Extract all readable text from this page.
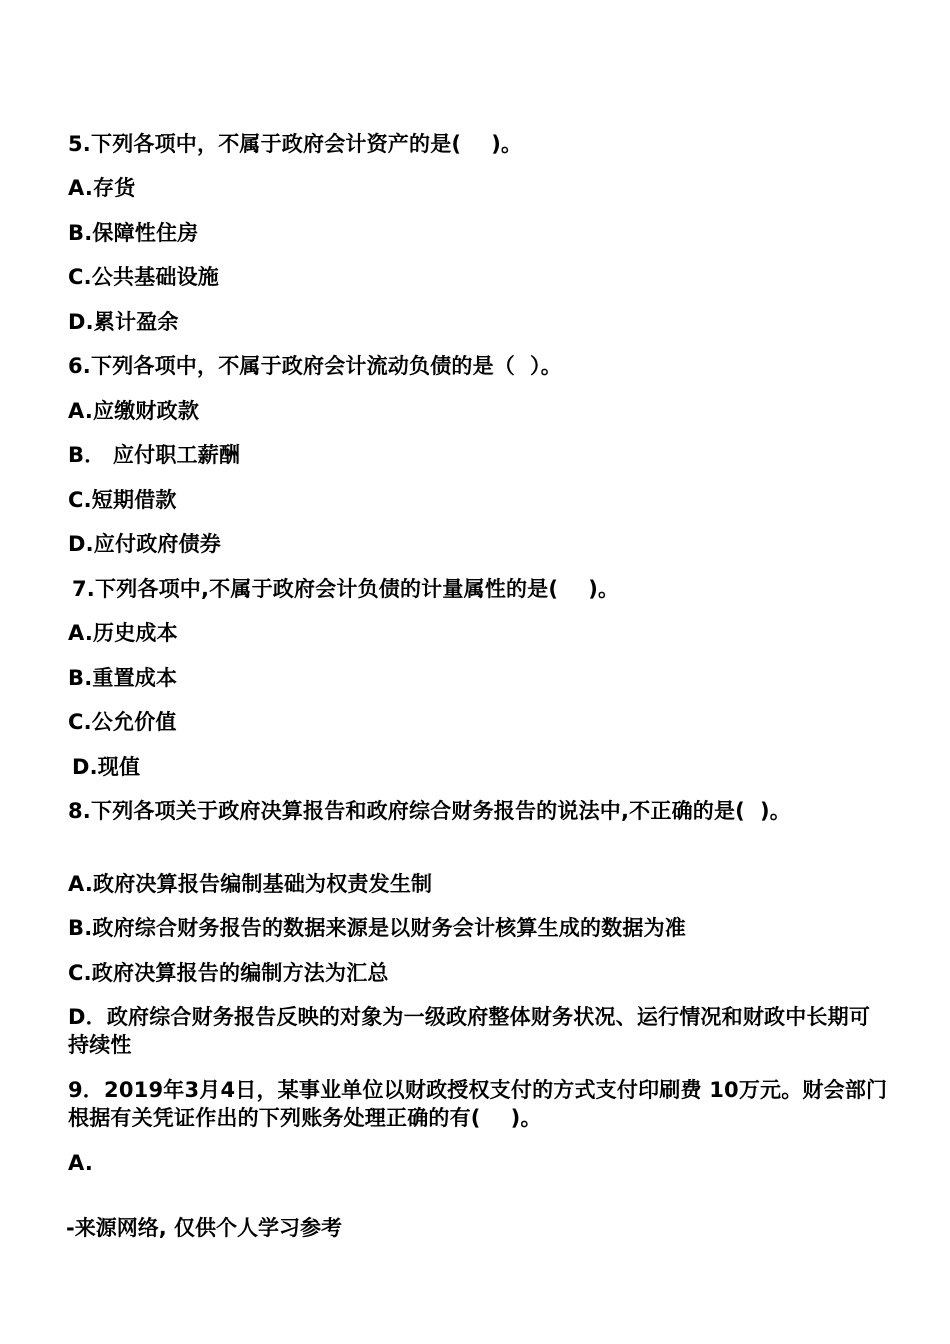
5.下列各项中，不属于政府会计资产的是(    )。
A.存货
B.保障性住房
C.公共基础设施
D.累计盈余
6.下列各项中，不属于政府会计流动负债的是（  ）。
A.应缴财政款
B． 应付职工薪酬
C.短期借款
D.应付政府债券
7.下列各项中,不属于政府会计负债的计量属性的是(    )。
A.历史成本
B.重置成本
C.公允价值
D.现值
8.下列各项关于政府决算报告和政府综合财务报告的说法中,不正确的是(  )。
A.政府决算报告编制基础为权责发生制
B.政府综合财务报告的数据来源是以财务会计核算生成的数据为准
C.政府决算报告的编制方法为汇总
D．政府综合财务报告反映的对象为一级政府整体财务状况、运行情况和财政中长期可持续性
9．2019年3月4日，某事业单位以财政授权支付的方式支付印刷费 10万元。财会部门根据有关凭证作出的下列账务处理正确的有(    )。
A.
-来源网络, 仅供个人学习参考
